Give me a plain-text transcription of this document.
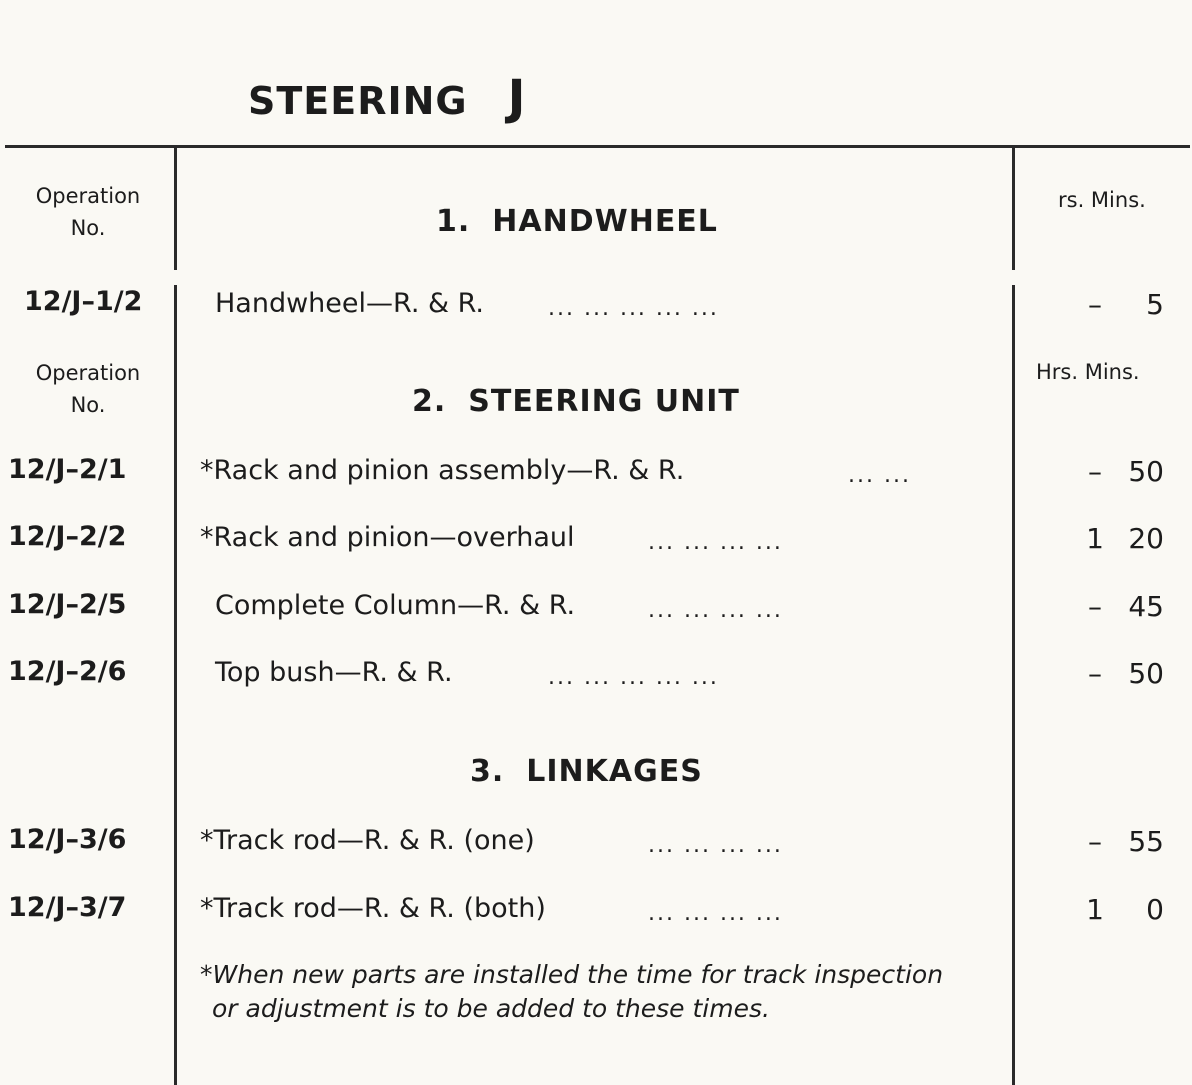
STEERING J
Operation
No.
rs. Mins.
1. HANDWHEEL
12/J–1/2	Handwheel—R. & R.	... ... ... ... ...	– 5
Operation
No.
Hrs. Mins.
2. STEERING UNIT
12/J–2/1	*Rack and pinion assembly—R. & R.	... ...	– 50
12/J–2/2	*Rack and pinion—overhaul	... ... ... ...	1 20
12/J–2/5	Complete Column—R. & R.	... ... ... ...	– 45
12/J–2/6	Top bush—R. & R.	... ... ... ... ...	– 50
3. LINKAGES
12/J–3/6	*Track rod—R. & R. (one)	... ... ... ...	– 55
12/J–3/7	*Track rod—R. & R. (both)	... ... ... ...	1 0
*When new parts are installed the time for track inspection
or adjustment is to be added to these times.
